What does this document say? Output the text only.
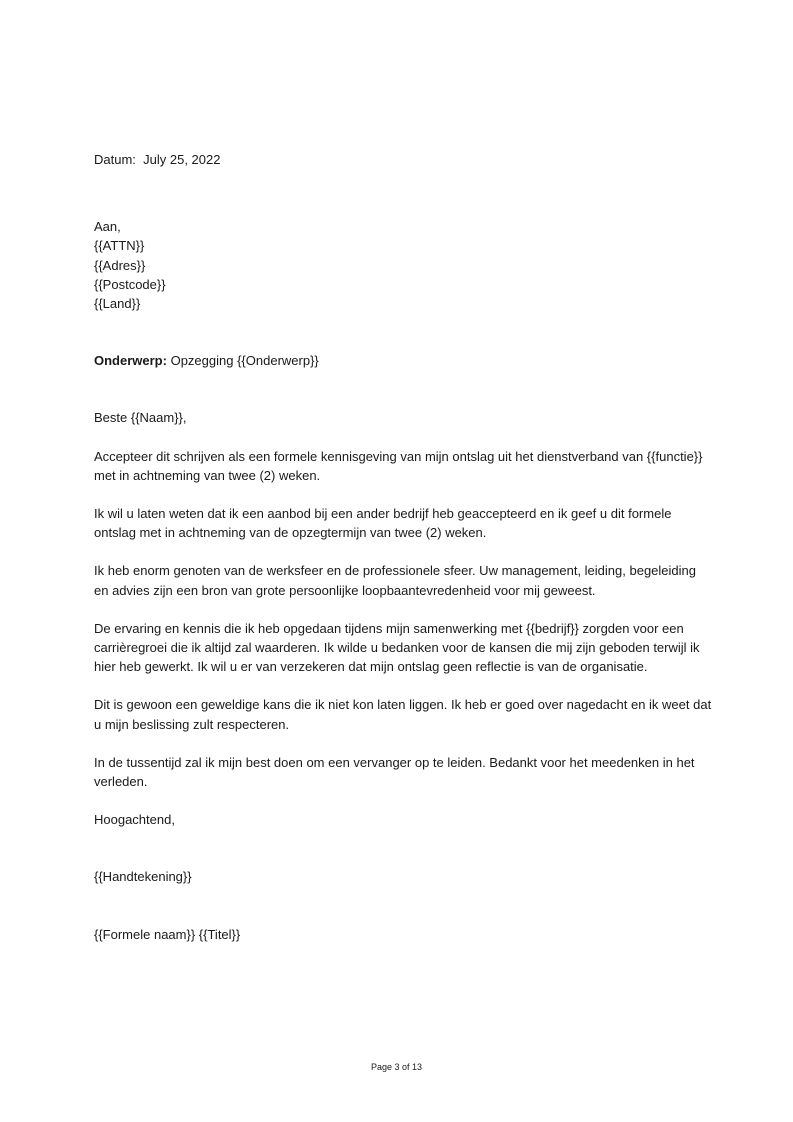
Datum: July 25, 2022

Aan,
{{ATTN}}
{{Adres}}
{{Postcode}}
{{Land}}

Onderwerp: Opzegging {{Onderwerp}}

Beste {{Naam}},

Accepteer dit schrijven als een formele kennisgeving van mijn ontslag uit het dienstverband van {{functie}} met in achtneming van twee (2) weken.

Ik wil u laten weten dat ik een aanbod bij een ander bedrijf heb geaccepteerd en ik geef u dit formele ontslag met in achtneming van de opzegtermijn van twee (2) weken.

Ik heb enorm genoten van de werksfeer en de professionele sfeer. Uw management, leiding, begeleiding en advies zijn een bron van grote persoonlijke loopbaantevredenheid voor mij geweest.

De ervaring en kennis die ik heb opgedaan tijdens mijn samenwerking met {{bedrijf}} zorgden voor een carrièregroei die ik altijd zal waarderen. Ik wilde u bedanken voor de kansen die mij zijn geboden terwijl ik hier heb gewerkt. Ik wil u er van verzekeren dat mijn ontslag geen reflectie is van de organisatie.

Dit is gewoon een geweldige kans die ik niet kon laten liggen. Ik heb er goed over nagedacht en ik weet dat u mijn beslissing zult respecteren.

In de tussentijd zal ik mijn best doen om een vervanger op te leiden. Bedankt voor het meedenken in het verleden.

Hoogachtend,

{{Handtekening}}

{{Formele naam}} {{Titel}}

Page 3 of 13
